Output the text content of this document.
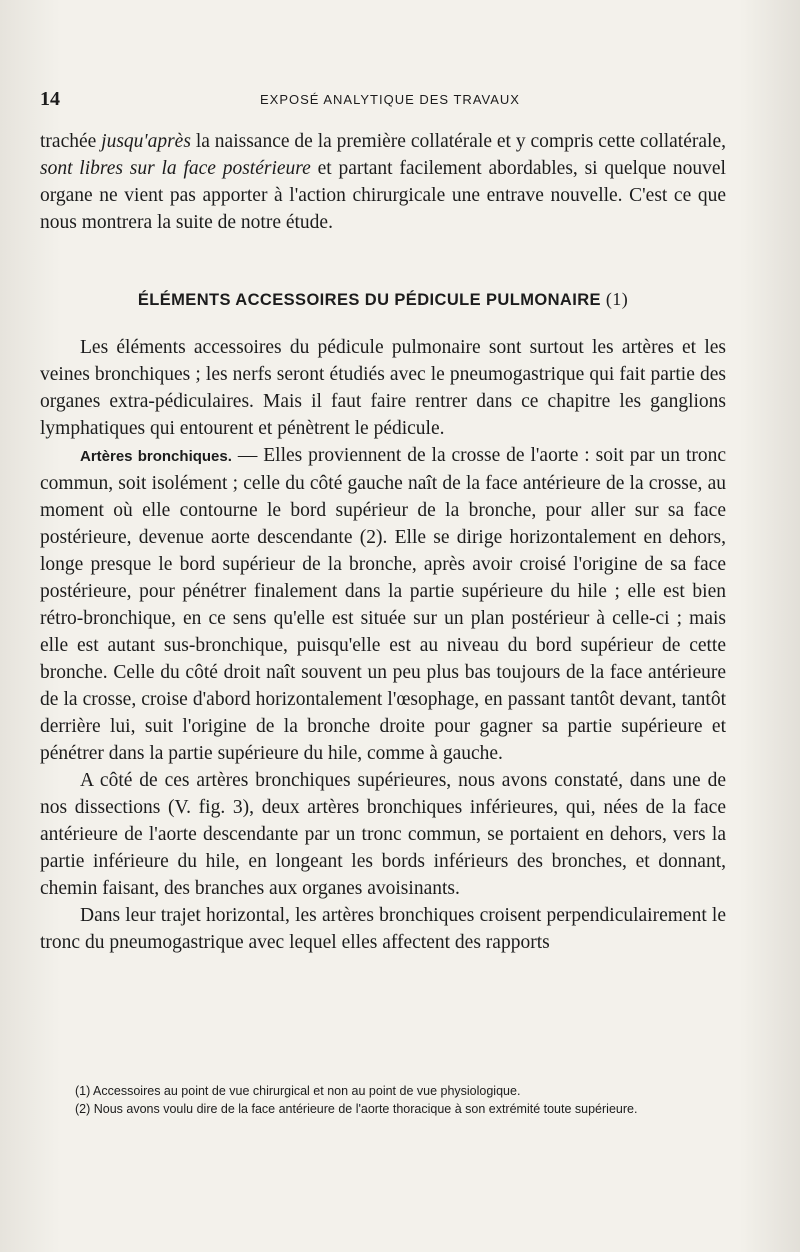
14	EXPOSÉ ANALYTIQUE DES TRAVAUX

trachée jusqu'après la naissance de la première collatérale et y compris cette collatérale, sont libres sur la face postérieure et partant facilement abordables, si quelque nouvel organe ne vient pas apporter à l'action chirurgicale une entrave nouvelle. C'est ce que nous montrera la suite de notre étude.

ÉLÉMENTS ACCESSOIRES DU PÉDICULE PULMONAIRE (1)

Les éléments accessoires du pédicule pulmonaire sont surtout les artères et les veines bronchiques ; les nerfs seront étudiés avec le pneumogastrique qui fait partie des organes extra-pédiculaires. Mais il faut faire rentrer dans ce chapitre les ganglions lymphatiques qui entourent et pénètrent le pédicule.

Artères bronchiques. — Elles proviennent de la crosse de l'aorte : soit par un tronc commun, soit isolément ; celle du côté gauche naît de la face antérieure de la crosse, au moment où elle contourne le bord supérieur de la bronche, pour aller sur sa face postérieure, devenue aorte descendante (2). Elle se dirige horizontalement en dehors, longe presque le bord supérieur de la bronche, après avoir croisé l'origine de sa face postérieure, pour pénétrer finalement dans la partie supérieure du hile ; elle est bien rétro-bronchique, en ce sens qu'elle est située sur un plan postérieur à celle-ci ; mais elle est autant sus-bronchique, puisqu'elle est au niveau du bord supérieur de cette bronche. Celle du côté droit naît souvent un peu plus bas toujours de la face antérieure de la crosse, croise d'abord horizontalement l'œsophage, en passant tantôt devant, tantôt derrière lui, suit l'origine de la bronche droite pour gagner sa partie supérieure et pénétrer dans la partie supérieure du hile, comme à gauche.

A côté de ces artères bronchiques supérieures, nous avons constaté, dans une de nos dissections (V. fig. 3), deux artères bronchiques inférieures, qui, nées de la face antérieure de l'aorte descendante par un tronc commun, se portaient en dehors, vers la partie inférieure du hile, en longeant les bords inférieurs des bronches, et donnant, chemin faisant, des branches aux organes avoisinants.

Dans leur trajet horizontal, les artères bronchiques croisent perpendiculairement le tronc du pneumogastrique avec lequel elles affectent des rapports

(1) Accessoires au point de vue chirurgical et non au point de vue physiologique.

(2) Nous avons voulu dire de la face antérieure de l'aorte thoracique à son extrémité toute supérieure.
